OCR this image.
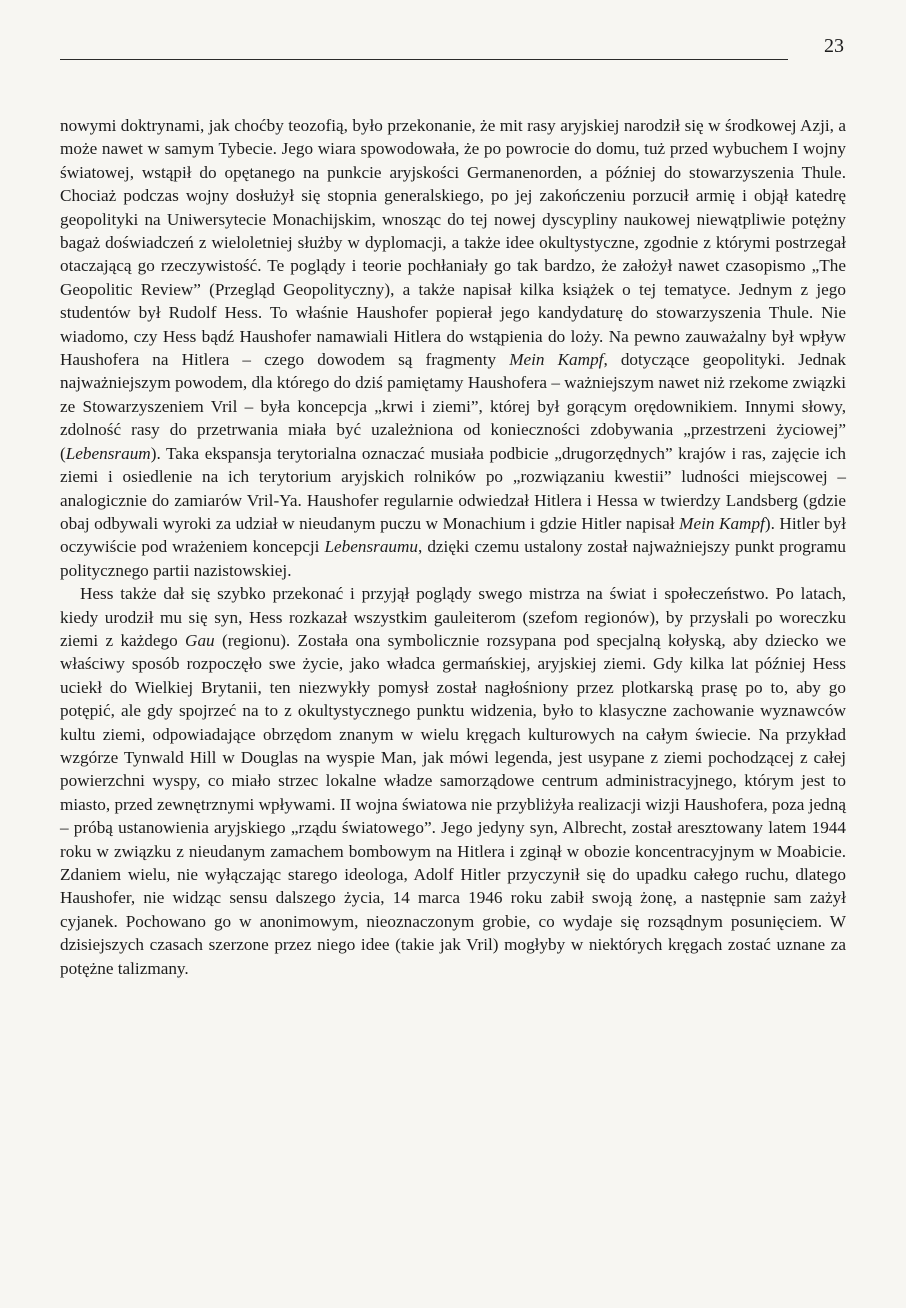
23

nowymi doktrynami, jak choćby teozofią, było przekonanie, że mit rasy aryjskiej narodził się w środkowej Azji, a może nawet w samym Tybecie. Jego wiara spowodowała, że po powrocie do domu, tuż przed wybuchem I wojny światowej, wstąpił do opętanego na punkcie aryjskości Germanenorden, a później do stowarzyszenia Thule. Chociaż podczas wojny dosłużył się stopnia generalskiego, po jej zakończeniu porzucił armię i objął katedrę geopolityki na Uniwersytecie Monachijskim, wnosząc do tej nowej dyscypliny naukowej niewątpliwie potężny bagaż doświadczeń z wieloletniej służby w dyplomacji, a także idee okultystyczne, zgodnie z którymi postrzegał otaczającą go rzeczywistość. Te poglądy i teorie pochłaniały go tak bardzo, że założył nawet czasopismo „The Geopolitic Review” (Przegląd Geopolityczny), a także napisał kilka książek o tej tematyce. Jednym z jego studentów był Rudolf Hess. To właśnie Haushofer popierał jego kandydaturę do stowarzyszenia Thule. Nie wiadomo, czy Hess bądź Haushofer namawiali Hitlera do wstąpienia do loży. Na pewno zauważalny był wpływ Haushofera na Hitlera – czego dowodem są fragmenty Mein Kampf, dotyczące geopolityki. Jednak najważniejszym powodem, dla którego do dziś pamiętamy Haushofera – ważniejszym nawet niż rzekome związki ze Stowarzyszeniem Vril – była koncepcja „krwi i ziemi”, której był gorącym orędownikiem. Innymi słowy, zdolność rasy do przetrwania miała być uzależniona od konieczności zdobywania „przestrzeni życiowej” (Lebensraum). Taka ekspansja terytorialna oznaczać musiała podbicie „drugorzędnych” krajów i ras, zajęcie ich ziemi i osiedlenie na ich terytorium aryjskich rolników po „rozwiązaniu kwestii” ludności miejscowej – analogicznie do zamiarów Vril-Ya. Haushofer regularnie odwiedzał Hitlera i Hessa w twierdzy Landsberg (gdzie obaj odbywali wyroki za udział w nieudanym puczu w Monachium i gdzie Hitler napisał Mein Kampf). Hitler był oczywiście pod wrażeniem koncepcji Lebensraumu, dzięki czemu ustalony został najważniejszy punkt programu politycznego partii nazistowskiej.

Hess także dał się szybko przekonać i przyjął poglądy swego mistrza na świat i społeczeństwo. Po latach, kiedy urodził mu się syn, Hess rozkazał wszystkim gauleiterom (szefom regionów), by przysłali po woreczku ziemi z każdego Gau (regionu). Została ona symbolicznie rozsypana pod specjalną kołyską, aby dziecko we właściwy sposób rozpoczęło swe życie, jako władca germańskiej, aryjskiej ziemi. Gdy kilka lat później Hess uciekł do Wielkiej Brytanii, ten niezwykły pomysł został nagłośniony przez plotkarską prasę po to, aby go potępić, ale gdy spojrzeć na to z okultystycznego punktu widzenia, było to klasyczne zachowanie wyznawców kultu ziemi, odpowiadające obrzędom znanym w wielu kręgach kulturowych na całym świecie. Na przykład wzgórze Tynwald Hill w Douglas na wyspie Man, jak mówi legenda, jest usypane z ziemi pochodzącej z całej powierzchni wyspy, co miało strzec lokalne władze samorządowe centrum administracyjnego, którym jest to miasto, przed zewnętrznymi wpływami. II wojna światowa nie przybliżyła realizacji wizji Haushofera, poza jedną – próbą ustanowienia aryjskiego „rządu światowego”. Jego jedyny syn, Albrecht, został aresztowany latem 1944 roku w związku z nieudanym zamachem bombowym na Hitlera i zginął w obozie koncentracyjnym w Moabicie. Zdaniem wielu, nie wyłączając starego ideologa, Adolf Hitler przyczynił się do upadku całego ruchu, dlatego Haushofer, nie widząc sensu dalszego życia, 14 marca 1946 roku zabił swoją żonę, a następnie sam zażył cyjanek. Pochowano go w anonimowym, nieoznaczonym grobie, co wydaje się rozsądnym posunięciem. W dzisiejszych czasach szerzone przez niego idee (takie jak Vril) mogłyby w niektórych kręgach zostać uznane za potężne talizmany.
